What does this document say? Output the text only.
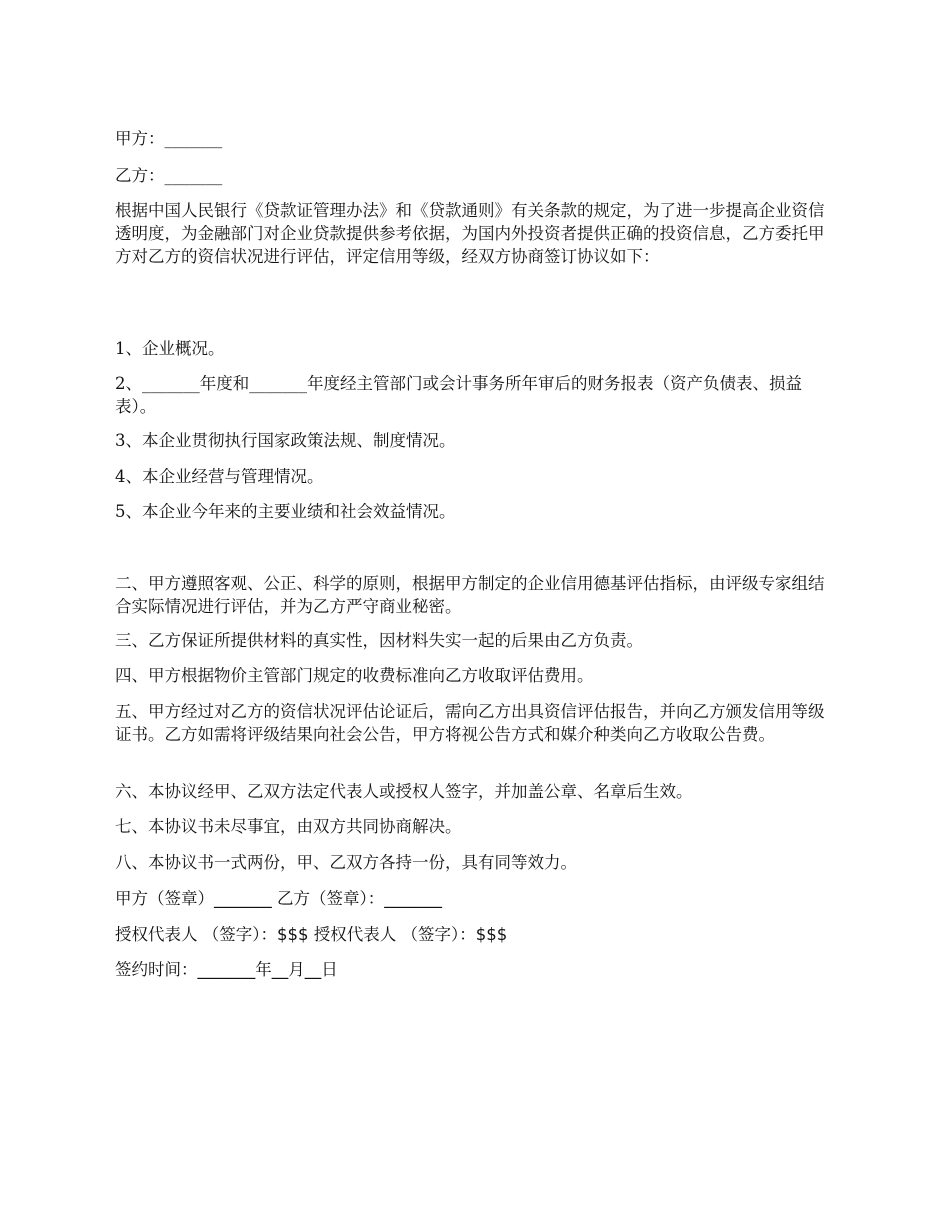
甲方：_______

乙方：_______

根据中国人民银行《贷款证管理办法》和《贷款通则》有关条款的规定，为了进一步提高企业资信透明度，为金融部门对企业贷款提供参考依据，为国内外投资者提供正确的投资信息，乙方委托甲方对乙方的资信状况进行评估，评定信用等级，经双方协商签订协议如下：

1、企业概况。

2、_______年度和_______年度经主管部门或会计事务所年审后的财务报表（资产负债表、损益表）。

3、本企业贯彻执行国家政策法规、制度情况。

4、本企业经营与管理情况。

5、本企业今年来的主要业绩和社会效益情况。

二、甲方遵照客观、公正、科学的原则，根据甲方制定的企业信用德基评估指标，由评级专家组结合实际情况进行评估，并为乙方严守商业秘密。

三、乙方保证所提供材料的真实性，因材料失实一起的后果由乙方负责。

四、甲方根据物价主管部门规定的收费标准向乙方收取评估费用。

五、甲方经过对乙方的资信状况评估论证后，需向乙方出具资信评估报告，并向乙方颁发信用等级证书。乙方如需将评级结果向社会公告，甲方将视公告方式和媒介种类向乙方收取公告费。

六、本协议经甲、乙双方法定代表人或授权人签字，并加盖公章、名章后生效。

七、本协议书未尽事宜，由双方共同协商解决。

八、本协议书一式两份，甲、乙双方各持一份，具有同等效力。

甲方（签章）_______ 乙方（签章）：_______

授权代表人 （签字）：$$$ 授权代表人 （签字）：$$$

签约时间：_______年__月__日
